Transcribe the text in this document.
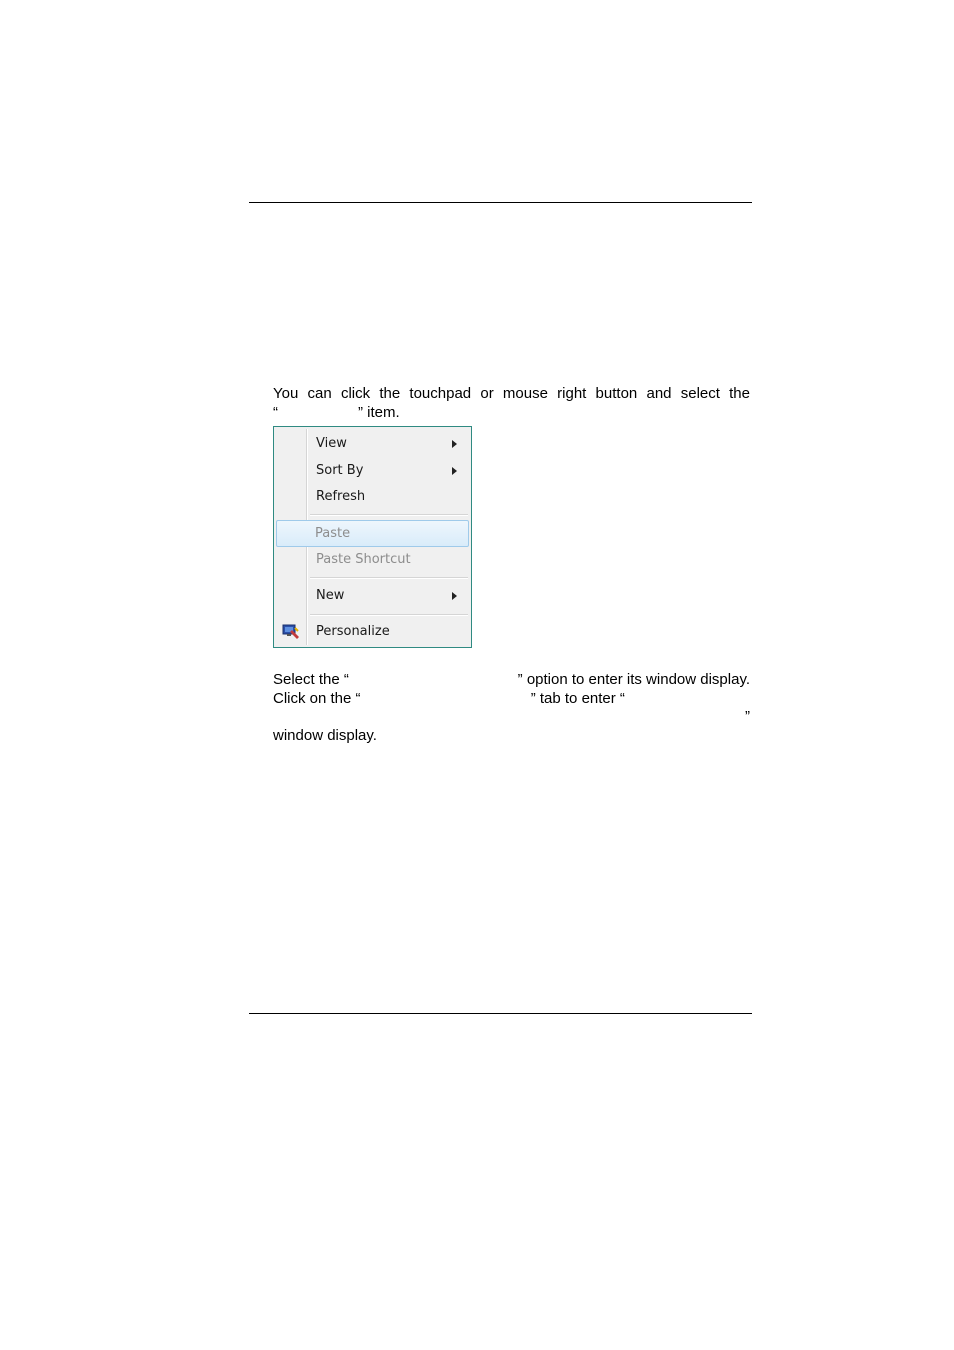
You can click the touchpad or mouse right button and select the
“	” item.
View
Sort By
Refresh
Paste
Paste Shortcut
New
Personalize
Select the “	” option to enter its window display.
Click on the “	” tab to enter “
”
window display.
